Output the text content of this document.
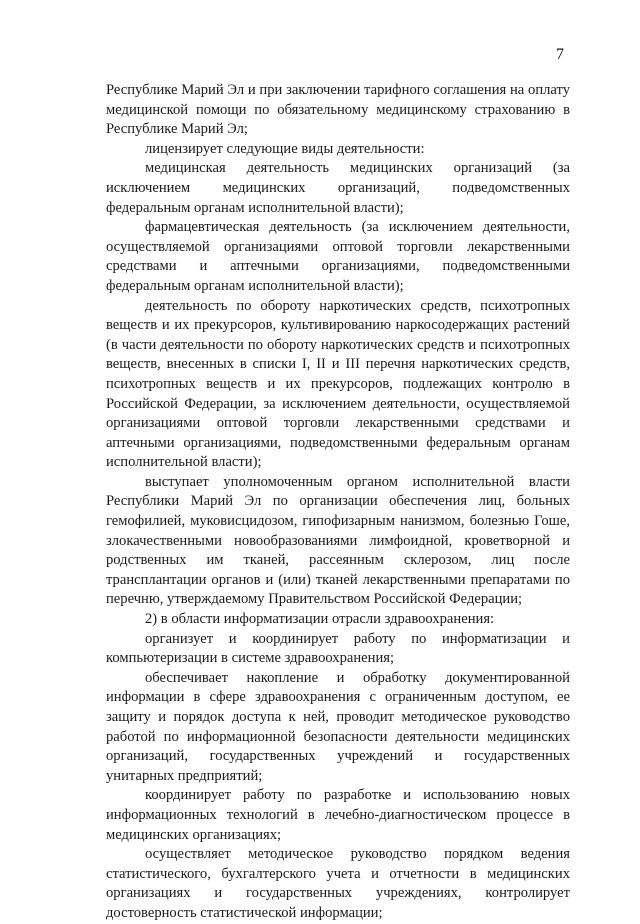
7

Республике Марий Эл и при заключении тарифного соглашения на оплату медицинской помощи по обязательному медицинскому страхованию в Республике Марий Эл;

лицензирует следующие виды деятельности:

медицинская деятельность медицинских организаций (за исключением медицинских организаций, подведомственных федеральным органам исполнительной власти);

фармацевтическая деятельность (за исключением деятельности, осуществляемой организациями оптовой торговли лекарственными средствами и аптечными организациями, подведомственными федеральным органам исполнительной власти);

деятельность по обороту наркотических средств, психотропных веществ и их прекурсоров, культивированию наркосодержащих растений (в части деятельности по обороту наркотических средств и психотропных веществ, внесенных в списки I, II и III перечня наркотических средств, психотропных веществ и их прекурсоров, подлежащих контролю в Российской Федерации, за исключением деятельности, осуществляемой организациями оптовой торговли лекарственными средствами и аптечными организациями, подведомственными федеральным органам исполнительной власти);

выступает уполномоченным органом исполнительной власти Республики Марий Эл по организации обеспечения лиц, больных гемофилией, муковисцидозом, гипофизарным нанизмом, болезнью Гоше, злокачественными новообразованиями лимфоидной, кроветворной и родственных им тканей, рассеянным склерозом, лиц после трансплантации органов и (или) тканей лекарственными препаратами по перечню, утверждаемому Правительством Российской Федерации;

2) в области информатизации отрасли здравоохранения:

организует и координирует работу по информатизации и компьютеризации в системе здравоохранения;

обеспечивает накопление и обработку документированной информации в сфере здравоохранения с ограниченным доступом, ее защиту и порядок доступа к ней, проводит методическое руководство работой по информационной безопасности деятельности медицинских организаций, государственных учреждений и государственных унитарных предприятий;

координирует работу по разработке и использованию новых информационных технологий в лечебно-диагностическом процессе в медицинских организациях;

осуществляет методическое руководство порядком ведения статистического, бухгалтерского учета и отчетности в медицинских организациях и государственных учреждениях, контролирует достоверность статистической информации;
